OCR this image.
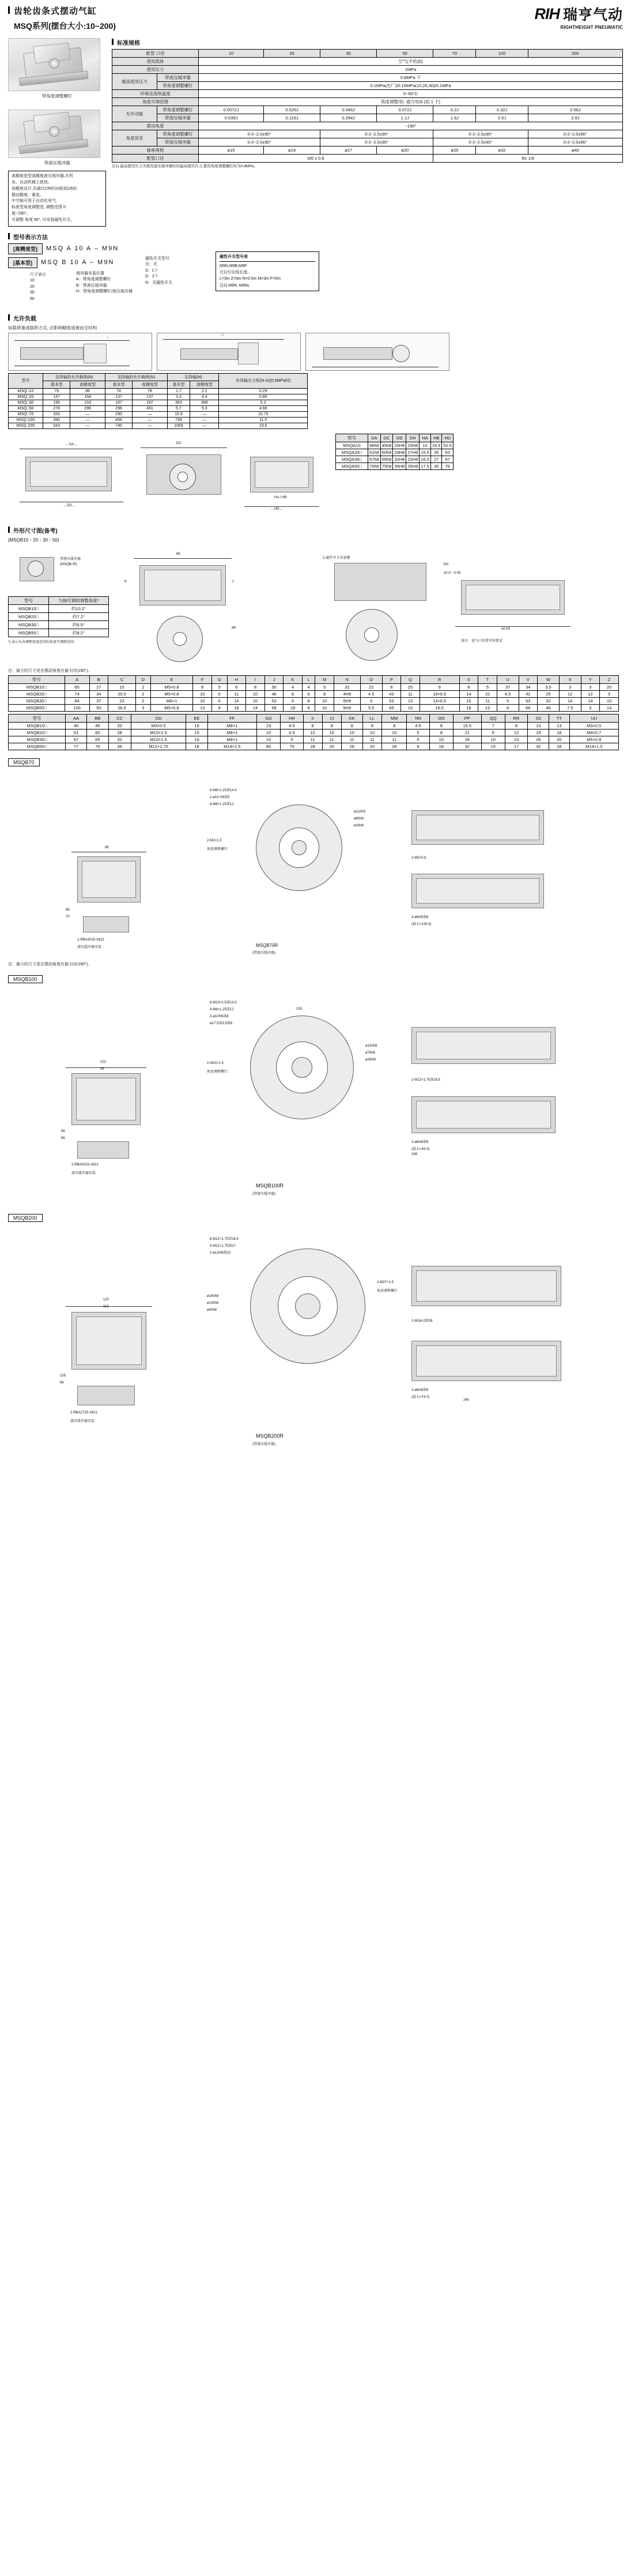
齿轮齿条式摆动气缸
MSQ系列(摆台大小:10~200)
RIH 瑞亨气动
RIGHTHEIGHT PNEUMATIC
带角度调整螺钉
带液压缓冲器
高精度宽型高精度液压缓冲器,在机
床、自动机械上使用。
高精度设计,负载比CR的10倍到1/6时,
摆动精度、重复。
中空轴可用于自动化电气,
标准型角度调整宽, 调整范围 0
度~190°。
可调整 角度 90°, 可安装磁性开关。
标准规格
配管 口径		10	20	30	50	70	100	200
使用流体		空气(不给油)						
使用压力		1MPa						
最高使用压力	带液压缓冲器	0.8MPa 下						
	带角度调整螺钉	0.1MPa(出厂)/0.15MPa(10,20,30)/0.1MPa						
环境及流体温度		5~60°C						
角度可调范围		角度调整/扣: 通方/扣6 (扣 1 个)						
允许动能	带角度调整螺钉	0.0072J	0.025J	0.046J	0.072J	0.2J	0.32J	0.56J
	带液压缓冲器	0.039J	0.116J	0.294J	1.1J	1.6J	2.5J	2.9J
摆动角度		~190°						
角度误差	带角度调整螺钉	0-2~2.0±90°		0-2~2.5±90°		0-2~2.5±90°		0-2~2.0±90°
	带液压缓冲器	0-2~2.0±90°		0-2~2.5±90°		0-2~2.5±90°		0-2~2.0±90°
轴承规格		ø15	ø19	ø27	ø20	ø25	ø32	ø40
配管口径		M5 x 0.8				Rc 1/8		
注1) 最高使用压力为使用液压缓冲器时的最高使用压力,使用角度调整螺钉时为0.8MPa。
型号表示方法
[高精度型]	MSQ A 10 A – M9N
[基本型]	MSQ B 10 A – M9N
尺寸表示
10
20
30
50
缓冲器安装位置
A：带角度调整螺钉
B：带液压缓冲器
H：带角度调整螺钉/液压缓冲器
磁性开关型号
无：无
S：1个
D：2个
N：无磁性开关
磁性开关型号表
M9N,M9B,M9P
注1)引出线长度,
L=3m Z=5m N=0.5m M=3m F=5m
注2) M9N, M9NL
允许负载
如载荷重或载荷方式, 会影响精度或被而支结构
↓
↓↓
型号	支持轴的允许载荷(N)		支持轴的允许载荷(N)		支持轴(N)		有效输出力矩(N·m)(0.5MPa时)
	基本型	高精度型	基本型	高精度型	基本型	高精度型	
MSQ□10	79	86	74	78	1.7	2.2	0.29
MSQ□20	147	168	137	137	3.3	4.4	0.86
MSQ□30	196	233	197	197	363	368	5.3
MSQ□50	278	296	296	451	5.7	5.3	4.66
MSQ□70	333	—	290	—	15.9	—	10.75
MSQ□100	390	—	456	—	738	—	11.5
MSQ□200	543	—	740	—	1009	—	19.6
←DA→
←DD→
DC
HA / HB
←HD→
型号	DA	DC	DD	DH	HA	HB	HD
MSQA10	48h8	45h8	20H8	20H8	10	18.5	52.5
MSQA20□	61h8	60h8	20H8	27H8	15.5	26	63
MSQA30□	67h8	65h8	32H8	22H8	16.5	27	67
MSQA50□	75h8	75h8	35H8	26H8	17.5	30	76
外形尺寸图(备考)
(MSQB10・20・30・50)
带液压缓冲器
(MSQB□R)
型号	与轴可调的调整角度*
MSQB10□	约10.2°
MSQB20□	约7.2°
MSQB30□	约6.5°
MSQB50□	约8.2°
*) 表示从各调整角度范围的角度可调整范围
86
K	J
ø6
2-磁性开关安装槽
DA
±0.0⋯0.05
±0.04
备注：进气口位置可按要求
注：最大的尺寸是在摆动角度在最大时(190°)。
型号	A	B	C	D	E	F	G	H	I	J	K	L	M	N	O	P	Q	R	S	T	U	V	W	X	Y	Z
MSQB10□	60	27	15	2	M5×0.8	8	5	6	8	30	4	4	5	32	22	8	25	9	8	5	37	34	3.5	3	3	20
MSQB20□	74	34	20.5	2	M5×0.8	10	6	11	10	46	6	6	8	4H9	4.5	43	11	19×6.5	14	10	4.5	42	25	12	12	9
MSQB30□	84	37	23	2	M6×1	10	6	14	10	53	6	8	10	5H9	5	53	13	13×6.5	15	11	5	53	32	14	14	10
MSQB50□	100	50	26.5	3	M5×0.8	13	8	18	14	58	18	8	10	5H9	5.5	65	15	16.5	18	13	6	66	46	7.5	3	14
型号	AA	BB	CC	DD	EE	FF	GG	HH	II	JJ	KK	LL	MM	NN	OO	PP	QQ	RR	SS	TT	UU
MSQB10□	40	45	20	M3×0.5	19	M8×1	19	4.5	8	8	8	8	8	4.5	8	15.5	7	8	13	13	M3×0.5
MSQB20□	61	60	28	M10×1.5	15	M8×1	10	4.5	10	10	10	10	10	5	8	21	9	12	19	16	M4×0.7
MSQB30□	67	65	32	M10×1.5	19	M8×1	10	5	11	11	11	11	11	5	10	26	10	13	26	20	M5×0.8
MSQB50□	77	75	36	M12×1.75	18	M14×1.5	80	75	28	20	28	20	28	8	18	32	15	17	32	28	M14×1.5
MSQB70
86
66
70
2-RBA2015-X821
液压缓冲器安装
8-M8×1.25深14.5
2-ø10 H9深5
4-M8×1.25深12
2-M2×1.5
角度调整螺钉
ø110h9
ø80h8
ø26h8
2-M5×0.8
2-ø8H9深8
(最大=134.3)
MSQB70R
(带液压缓冲器)
注：最大的尺寸是在摆动角度在最大时(190°)。
MSQB100
102
95
86
66
2-RBA2015-X821
液压缓冲器安装
8-M10×1.5深14.5
4-M8×1.25深12
2-ø10H9深8
ø17.5深3.5深8
130
2-M20×1.5
角度调整螺钉
ø100h9
ø78h8
ø26H9
2-M12×1.75深18.5
2-ø6H9深8
(最大=34.3)
189
MSQB100R
(带液压缓冲器)
MSQB200
120
113
105
86
2-RBA2725-X821
液压缓冲器安装
8-M12×1.75深16.5
4-M12×1.75深17
2-ø12H9深10
ø160h9
ø140h8
ø40h8
2-M27×1.5
角度调整螺钉
2-M16×2深26
2-ø8H9深8
(最大=74.2)
240
MSQB200R
(带液压缓冲器)
